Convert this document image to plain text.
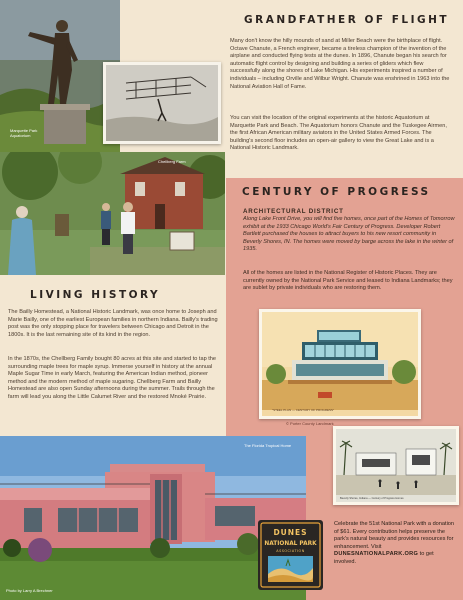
Marquette Park Aquatorium
GRANDFATHER OF FLIGHT
Many don't know the hilly mounds of sand at Miller Beach were the birthplace of flight. Octave Chanute, a French engineer, became a tireless champion of the invention of the airplane and conducted flying tests at the dunes. In 1896, Chanute began his search for automatic flight control by designing and building a series of gliders which flew successfully along the shores of Lake Michigan. His experiments inspired a number of individuals – including Orville and Wilbur Wright. Chanute was enshrined in 1963 into the National Aviation Hall of Fame.
You can visit the location of the original experiments at the historic Aquatorium at Marquette Park and Beach. The Aquatorium honors Chanute and the Tuskegee Airmen, the first African American military aviators in the United States Armed Forces. The building's second floor includes an open-air gallery to view the Great Lake and is a National Historic Landmark.
Chellberg Farm
CENTURY OF PROGRESS
ARCHITECTURAL DISTRICT
Along Lake Front Drive, you will find five homes, once part of the Homes of Tomorrow exhibit at the 1933 Chicago World's Fair Century of Progress. Developer Robert Bartlett purchased the houses to attract buyers to his new resort community in Beverly Shores, IN. The homes were moved by barge across the lake in the winter of 1935.
All of the homes are listed in the National Register of Historic Places. They are currently owned by the National Park Service and leased to Indiana Landmarks; they are sublet by private individuals who are restoring them.
"STEEL PLAN — CENTURY OF PROGRESS"
© Porter County Landmark
LIVING HISTORY
The Bailly Homestead, a National Historic Landmark, was once home to Joseph and Marie Bailly, one of the earliest European families in northern Indiana. Bailly's trading post was the only stopping place for travelers between Chicago and Detroit in the 1800s. It is the last remaining site of its kind in the region.
In the 1870s, the Chellberg Family bought 80 acres at this site and started to tap the surrounding maple trees for maple syrup. Immerse yourself in history at the annual Maple Sugar Time in early March, featuring the American Indian method, pioneer method and the modern method of maple sugaring. Chellberg Farm and Bailly Homestead are also open Sunday afternoons during the summer. Trails through the farm will lead you along the Little Calumet River and the restored Mnoké Prairie.
The Florida Tropical Home
Photo by Larry A Brechner
Beverly Shores, Indiana — Century of Progress Homes
DUNES
NATIONAL PARK
ASSOCIATION
Celebrate the 51st National Park with a donation of $61. Every contribution helps preserve the park's natural beauty and provides resources for enhancement. Visit DUNESNATIONALPARK.ORG to get involved.
